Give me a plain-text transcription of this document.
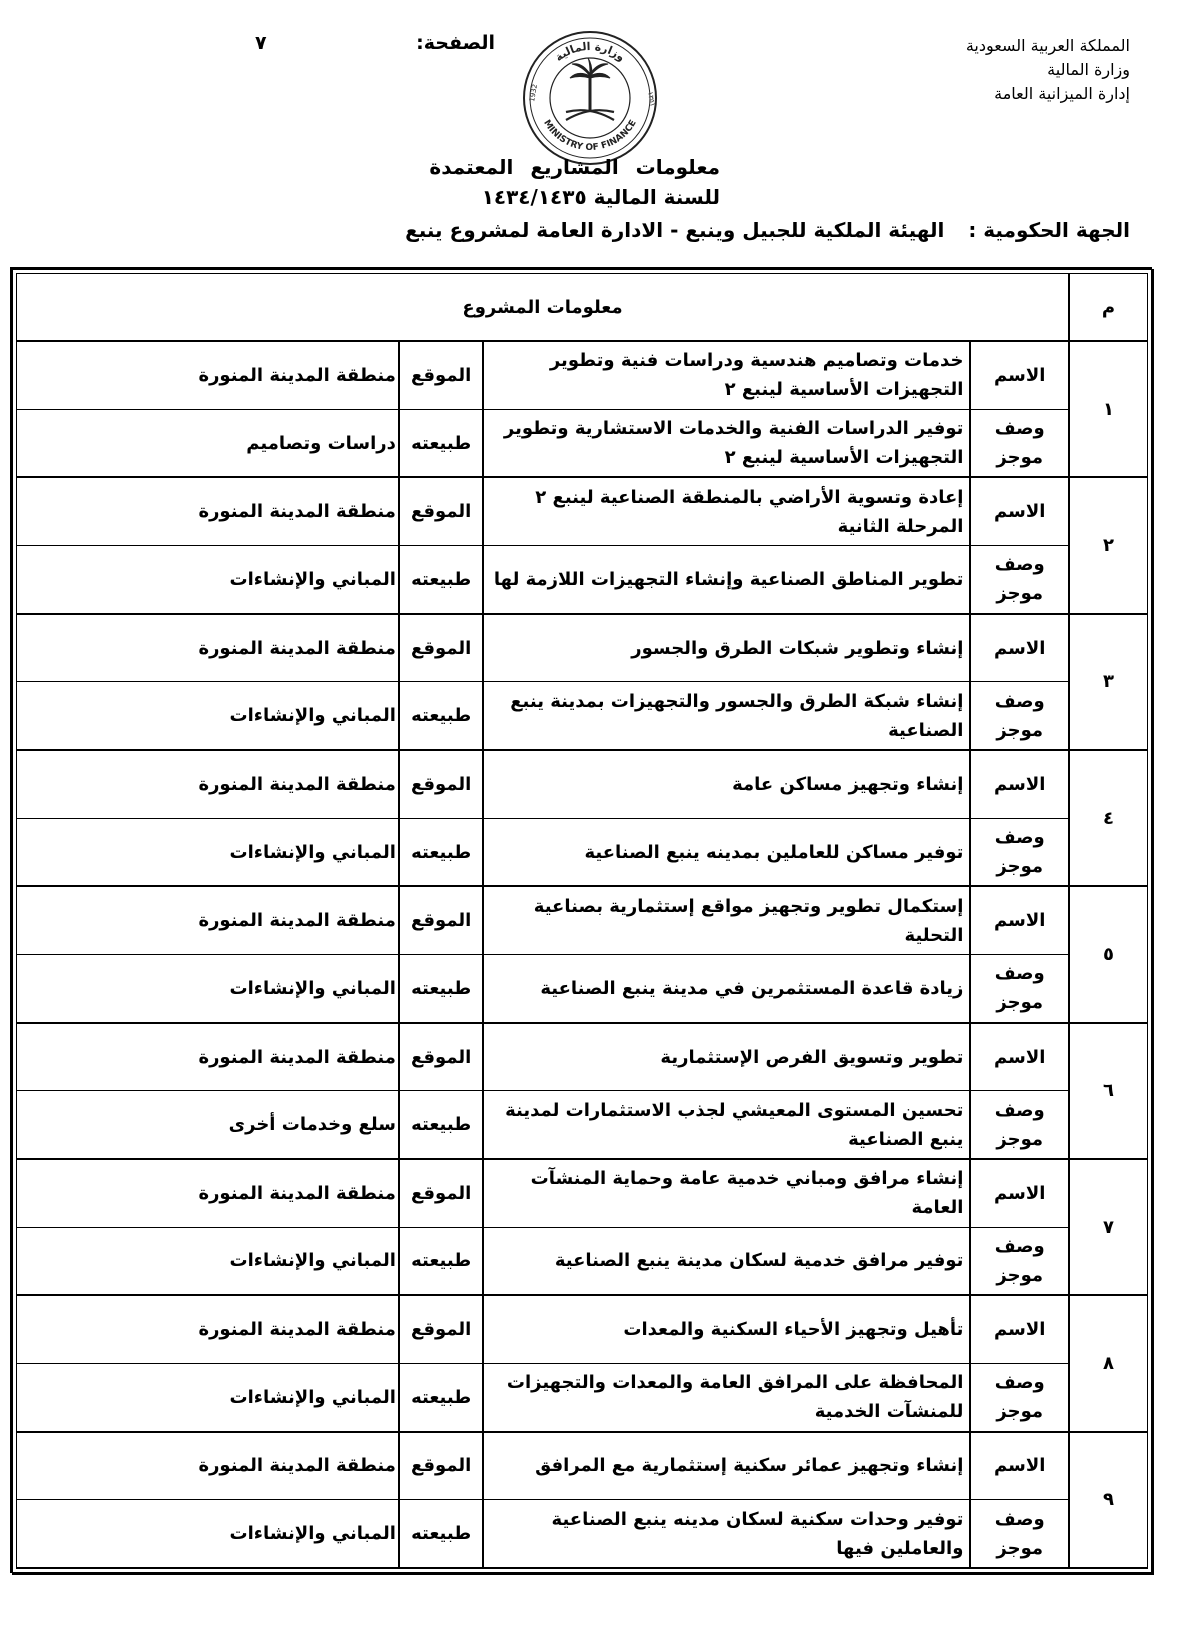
المملكة العربية السعودية
وزارة المالية
إدارة الميزانية العامة
الصفحة:
٧
وزارة المالية
MINISTRY OF FINANCE
1932	١٣٥١
معلومات المشاريع المعتمدة
للسنة المالية ١٤٣٤/١٤٣٥
الجهة الحكومية :الهيئة الملكية للجبيل وينبع - الادارة العامة لمشروع ينبع
م	معلومات المشروع			
١	الاسم	خدمات وتصاميم هندسية ودراسات فنية وتطوير التجهيزات الأساسية لينبع ٢	الموقع	منطقة المدينة المنورة
	وصف موجز	توفير الدراسات الفنية والخدمات الاستشارية وتطوير التجهيزات الأساسية لينبع ٢	طبيعته	دراسات وتصاميم
٢	الاسم	إعادة وتسوية الأراضي بالمنطقة الصناعية لينبع ٢ المرحلة الثانية	الموقع	منطقة المدينة المنورة
	وصف موجز	تطوير المناطق الصناعية وإنشاء التجهيزات اللازمة لها	طبيعته	المباني والإنشاءات
٣	الاسم	إنشاء وتطوير شبكات الطرق والجسور	الموقع	منطقة المدينة المنورة
	وصف موجز	إنشاء شبكة الطرق والجسور والتجهيزات بمدينة ينبع الصناعية	طبيعته	المباني والإنشاءات
٤	الاسم	إنشاء وتجهيز مساكن عامة	الموقع	منطقة المدينة المنورة
	وصف موجز	توفير مساكن للعاملين بمدينه ينبع الصناعية	طبيعته	المباني والإنشاءات
٥	الاسم	إستكمال تطوير وتجهيز مواقع إستثمارية بصناعية التحلية	الموقع	منطقة المدينة المنورة
	وصف موجز	زيادة قاعدة المستثمرين في مدينة ينبع الصناعية	طبيعته	المباني والإنشاءات
٦	الاسم	تطوير وتسويق الفرص الإستثمارية	الموقع	منطقة المدينة المنورة
	وصف موجز	تحسين المستوى المعيشي لجذب الاستثمارات لمدينة ينبع الصناعية	طبيعته	سلع وخدمات أخرى
٧	الاسم	إنشاء مرافق ومباني خدمية عامة وحماية المنشآت العامة	الموقع	منطقة المدينة المنورة
	وصف موجز	توفير مرافق خدمية لسكان مدينة ينبع الصناعية	طبيعته	المباني والإنشاءات
٨	الاسم	تأهيل وتجهيز الأحياء السكنية والمعدات	الموقع	منطقة المدينة المنورة
	وصف موجز	المحافظة على المرافق العامة والمعدات والتجهيزات للمنشآت الخدمية	طبيعته	المباني والإنشاءات
٩	الاسم	إنشاء وتجهيز عمائر سكنية إستثمارية مع المرافق	الموقع	منطقة المدينة المنورة
	وصف موجز	توفير وحدات سكنية لسكان مدينه ينبع الصناعية والعاملين فيها	طبيعته	المباني والإنشاءات
